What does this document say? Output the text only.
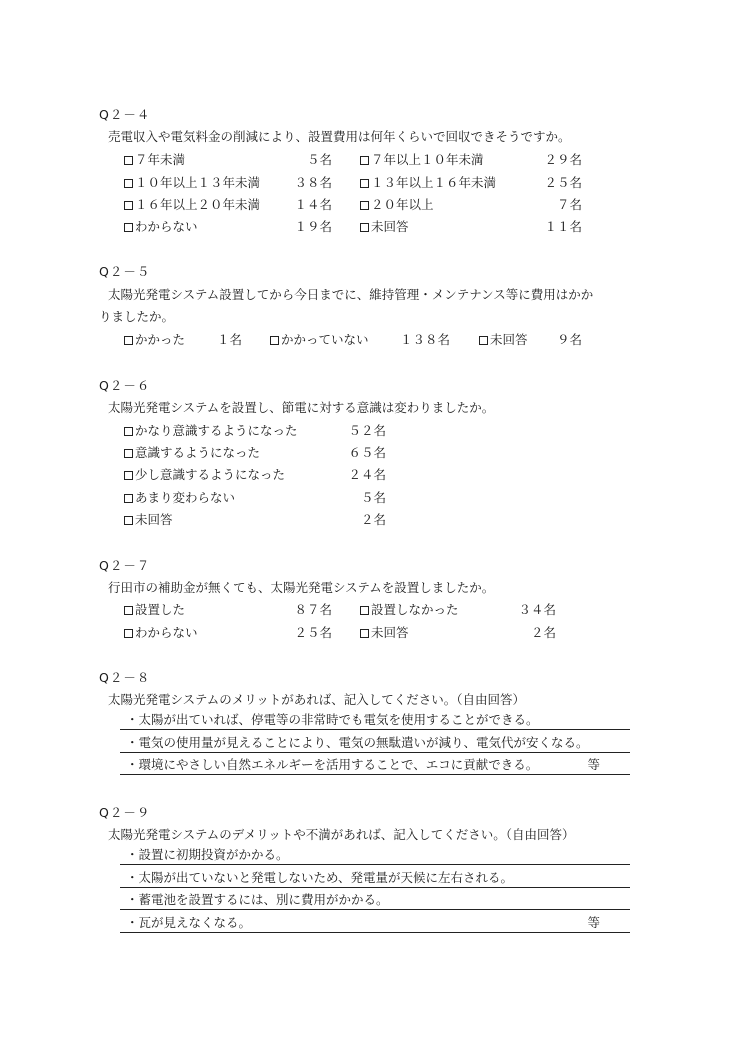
Q２－４
売電収入や電気料金の削減により、設置費用は何年くらいで回収できそうですか。
７年未満	５名	７年以上１０年未満	２９名
１０年以上１３年未満	３８名	１３年以上１６年未満	２５名
１６年以上２０年未満	１４名	２０年以上	７名
わからない	１９名	未回答	１１名
Q２－５
太陽光発電システム設置してから今日までに、維持管理・メンテナンス等に費用はかか
りましたか。
かかった	１名	かかっていない	１３８名	未回答	９名
Q２－６
太陽光発電システムを設置し、節電に対する意識は変わりましたか。
かなり意識するようになった	５２名
意識するようになった	６５名
少し意識するようになった	２４名
あまり変わらない	５名
未回答	２名
Q２－７
行田市の補助金が無くても、太陽光発電システムを設置しましたか。
設置した	８７名	設置しなかった	３４名
わからない	２５名	未回答	２名
Q２－８
太陽光発電システムのメリットがあれば、記入してください。（自由回答）
・太陽が出ていれば、停電等の非常時でも電気を使用することができる。
・電気の使用量が見えることにより、電気の無駄遣いが減り、電気代が安くなる。
・環境にやさしい自然エネルギーを活用することで、エコに貢献できる。	等
Q２－９
太陽光発電システムのデメリットや不満があれば、記入してください。（自由回答）
・設置に初期投資がかかる。
・太陽が出ていないと発電しないため、発電量が天候に左右される。
・蓄電池を設置するには、別に費用がかかる。
・瓦が見えなくなる。	等
